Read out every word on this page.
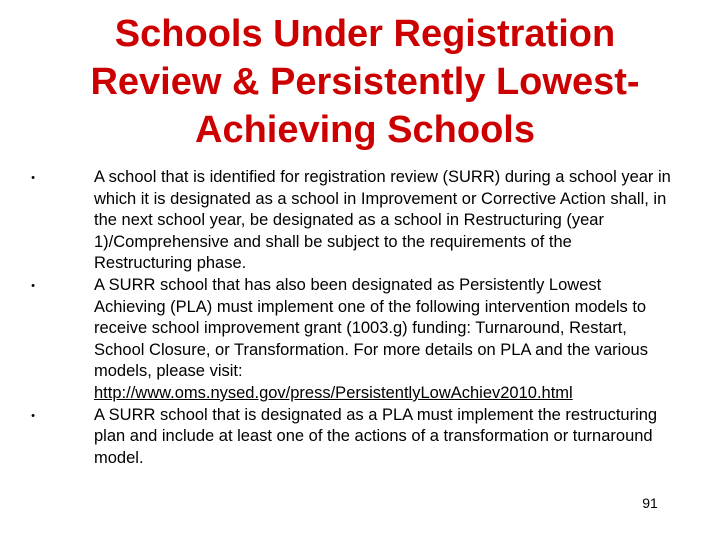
Schools Under Registration
Review & Persistently Lowest-
Achieving Schools
•	A school that is identified for registration review (SURR) during a school year in which it is designated as a school in Improvement or Corrective Action shall, in the next school year, be designated as a school in Restructuring (year 1)/Comprehensive and shall be subject to the requirements of the Restructuring phase.
•	A SURR school that has also been designated as Persistently Lowest Achieving (PLA) must implement one of the following intervention models to receive school improvement grant (1003.g) funding: Turnaround, Restart, School Closure, or Transformation. For more details on PLA and the various models, please visit: http://www.oms.nysed.gov/press/PersistentlyLowAchiev2010.html
•	A SURR school that is designated as a PLA must implement the restructuring plan and include at least one of the actions of a transformation or turnaround model.
91
